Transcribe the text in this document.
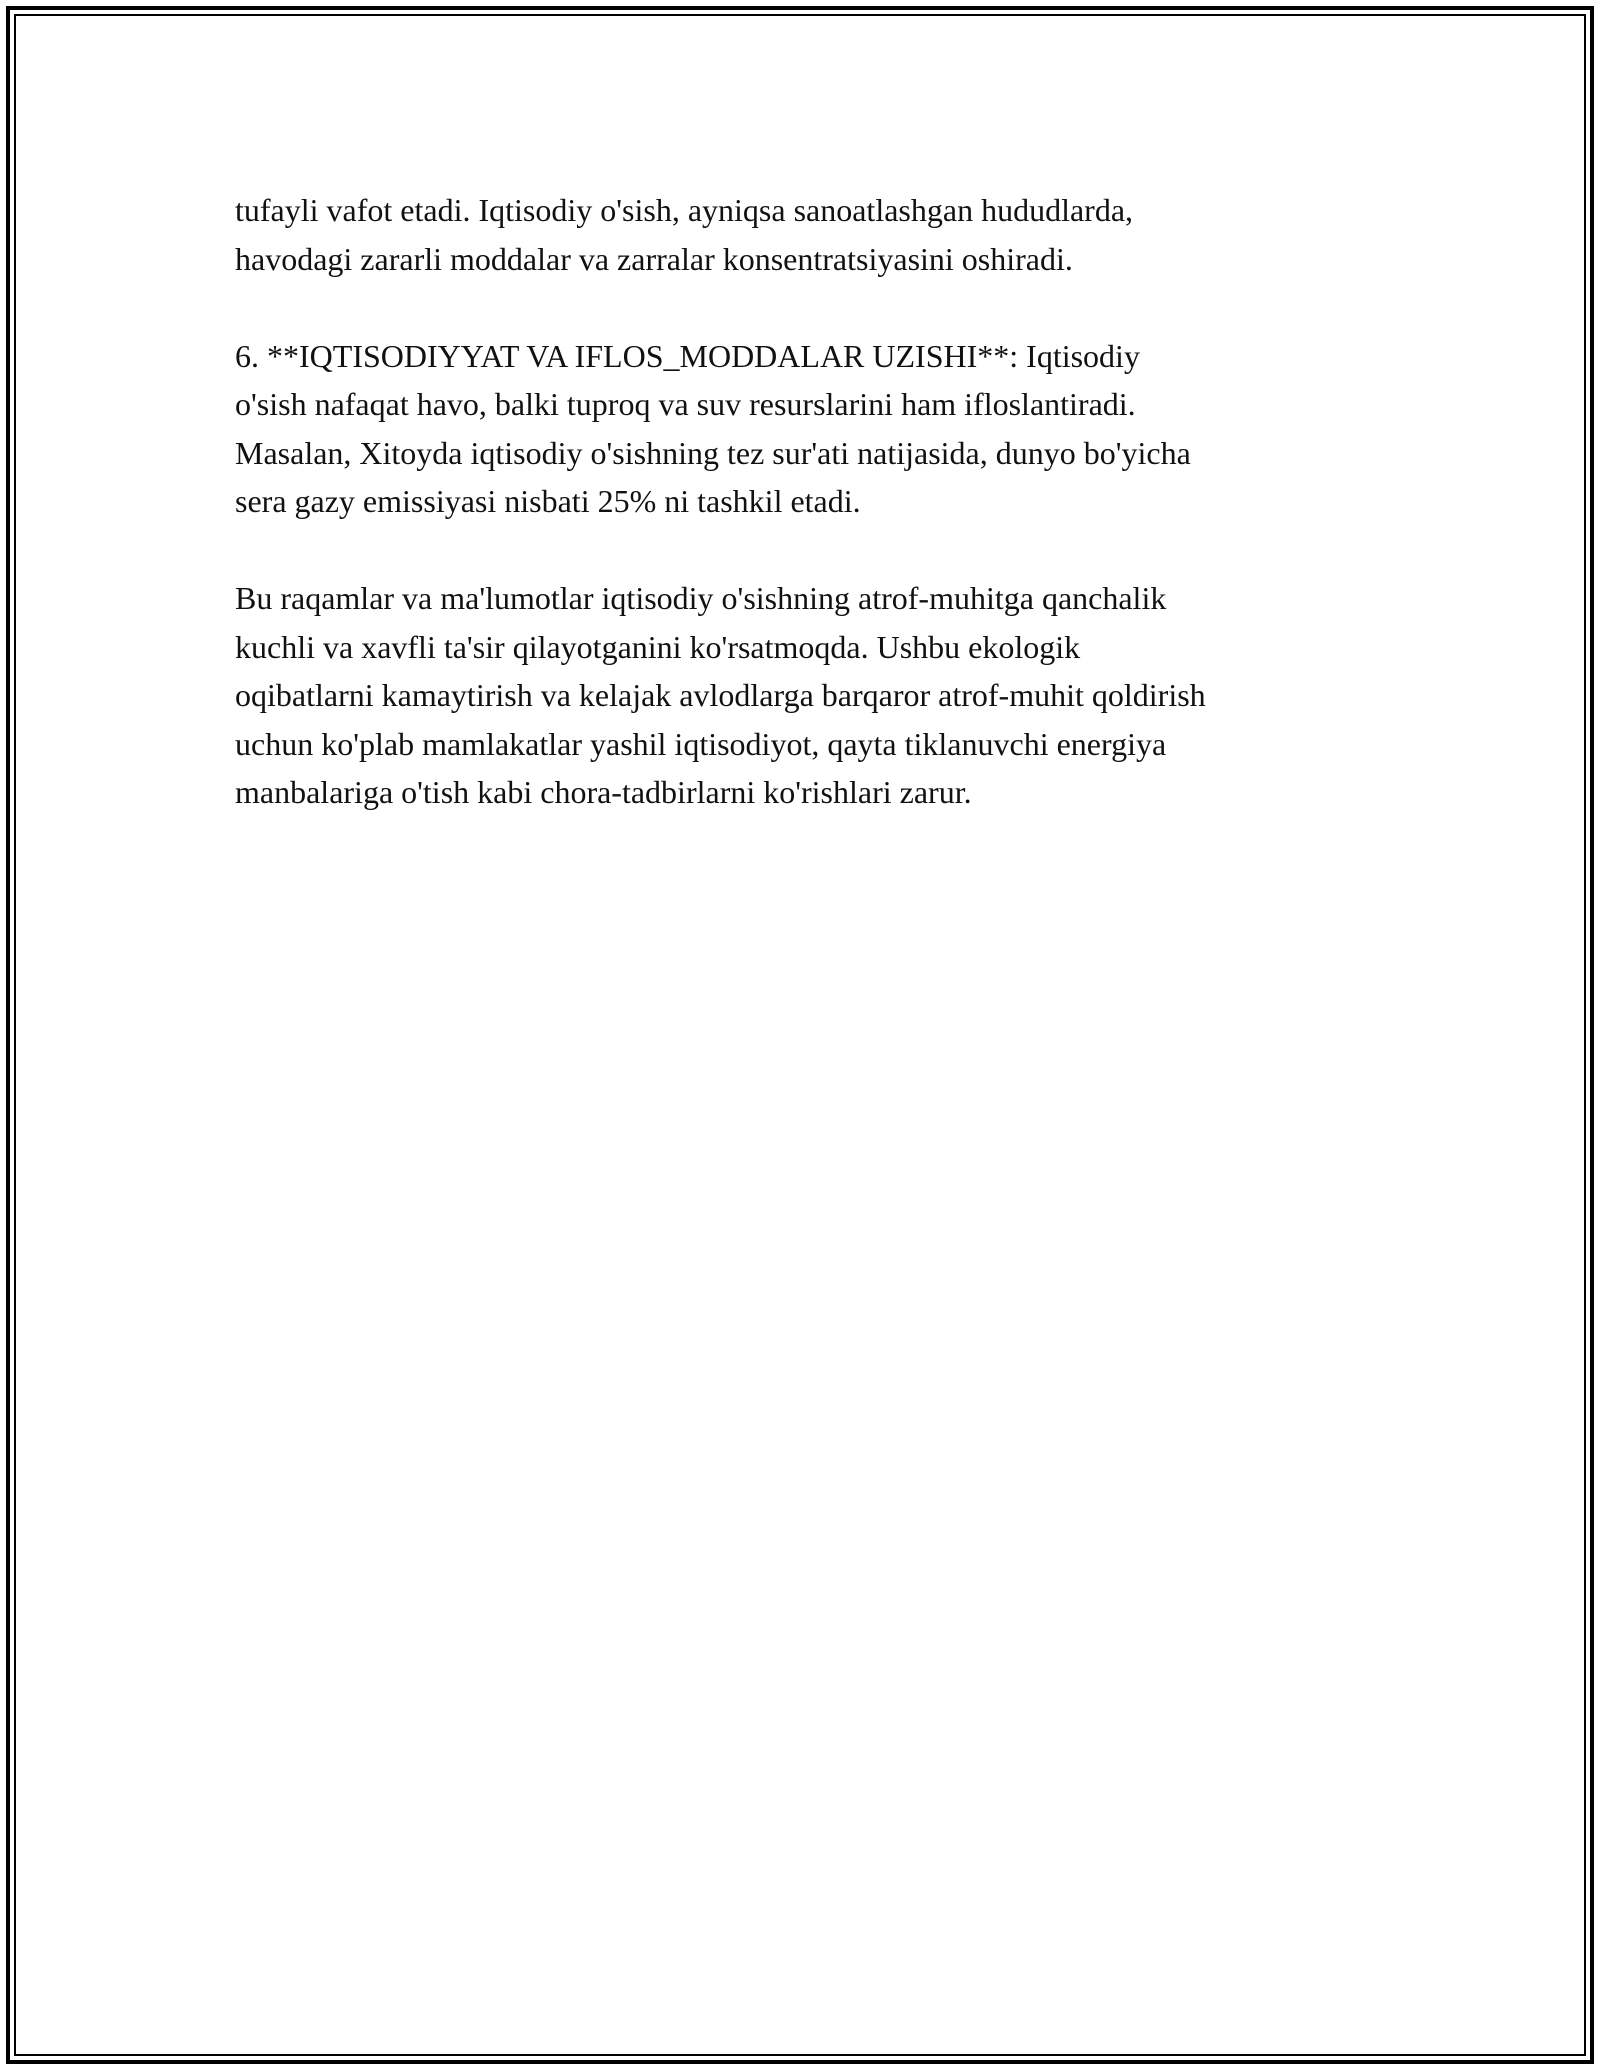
tufayli vafot etadi. Iqtisodiy o'sish, ayniqsa sanoatlashgan hududlarda,
havodagi zararli moddalar va zarralar konsentratsiyasini oshiradi.

6. **IQTISODIYYAT VA IFLOS_MODDALAR UZISHI**: Iqtisodiy
o'sish nafaqat havo, balki tuproq va suv resurslarini ham ifloslantiradi.
Masalan, Xitoyda iqtisodiy o'sishning tez sur'ati natijasida, dunyo bo'yicha
sera gazy emissiyasi nisbati 25% ni tashkil etadi.

Bu raqamlar va ma'lumotlar iqtisodiy o'sishning atrof-muhitga qanchalik
kuchli va xavfli ta'sir qilayotganini ko'rsatmoqda. Ushbu ekologik
oqibatlarni kamaytirish va kelajak avlodlarga barqaror atrof-muhit qoldirish
uchun ko'plab mamlakatlar yashil iqtisodiyot, qayta tiklanuvchi energiya
manbalariga o'tish kabi chora-tadbirlarni ko'rishlari zarur.
